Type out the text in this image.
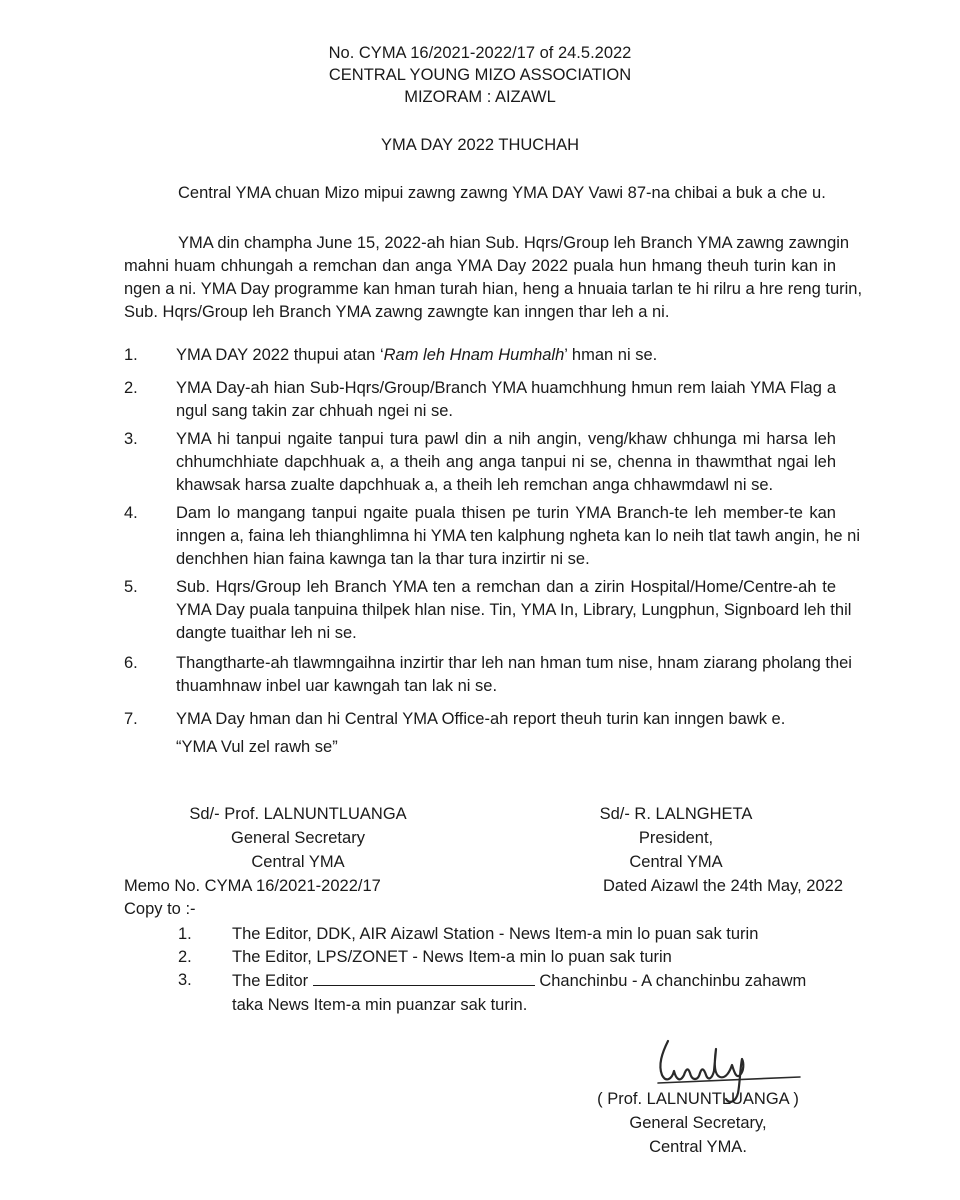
No. CYMA 16/2021-2022/17 of 24.5.2022
CENTRAL YOUNG MIZO ASSOCIATION
MIZORAM : AIZAWL
YMA DAY 2022 THUCHAH
Central YMA chuan Mizo mipui zawng zawng YMA DAY Vawi 87-na chibai a buk a che u.
YMA din champha June 15, 2022-ah hian Sub. Hqrs/Group leh Branch YMA zawng zawngin
mahni huam chhungah a remchan dan anga YMA Day 2022 puala hun hmang theuh turin kan in
ngen a ni. YMA Day programme kan hman turah hian, heng a hnuaia tarlan te hi rilru a hre reng turin,
Sub. Hqrs/Group leh Branch YMA zawng zawngte kan inngen thar leh a ni.
1. YMA DAY 2022 thupui atan ‘Ram leh Hnam Humhalh’ hman ni se.
2. YMA Day-ah hian Sub-Hqrs/Group/Branch YMA huamchhung hmun rem laiah YMA Flag a
ngul sang takin zar chhuah ngei ni se.
3. YMA hi tanpui ngaite tanpui tura pawl din a nih angin, veng/khaw chhunga mi harsa leh
chhumchhiate dapchhuak a, a theih ang anga tanpui ni se, chenna in thawmthat ngai leh
khawsak harsa zualte dapchhuak a, a theih leh remchan anga chhawmdawl ni se.
4. Dam lo mangang tanpui ngaite puala thisen pe turin YMA Branch-te leh member-te kan
inngen a, faina leh thianghlimna hi YMA ten kalphung ngheta kan lo neih tlat tawh angin, he ni
denchhen hian faina kawnga tan la thar tura inzirtir ni se.
5. Sub. Hqrs/Group leh Branch YMA ten a remchan dan a zirin Hospital/Home/Centre-ah te
YMA Day puala tanpuina thilpek hlan nise. Tin, YMA In, Library, Lungphun, Signboard leh thil
dangte tuaithar leh ni se.
6. Thangtharte-ah tlawmngaihna inzirtir thar leh nan hman tum nise, hnam ziarang pholang thei
thuamhnaw inbel uar kawngah tan lak ni se.
7. YMA Day hman dan hi Central YMA Office-ah report theuh turin kan inngen bawk e.
“YMA Vul zel rawh se”
Sd/- Prof. LALNUNTLUANGA
General Secretary
Central YMA
Sd/- R. LALNGHETA
President,
Central YMA
Memo No. CYMA 16/2021-2022/17	Dated Aizawl the 24th May, 2022
Copy to :-
1. The Editor, DDK, AIR Aizawl Station - News Item-a min lo puan sak turin
2. The Editor, LPS/ZONET - News Item-a min lo puan sak turin
3. The Editor	Chanchinbu - A chanchinbu zahawm
taka News Item-a min puanzar sak turin.
( Prof. LALNUNTLUANGA )
General Secretary,
Central YMA.
